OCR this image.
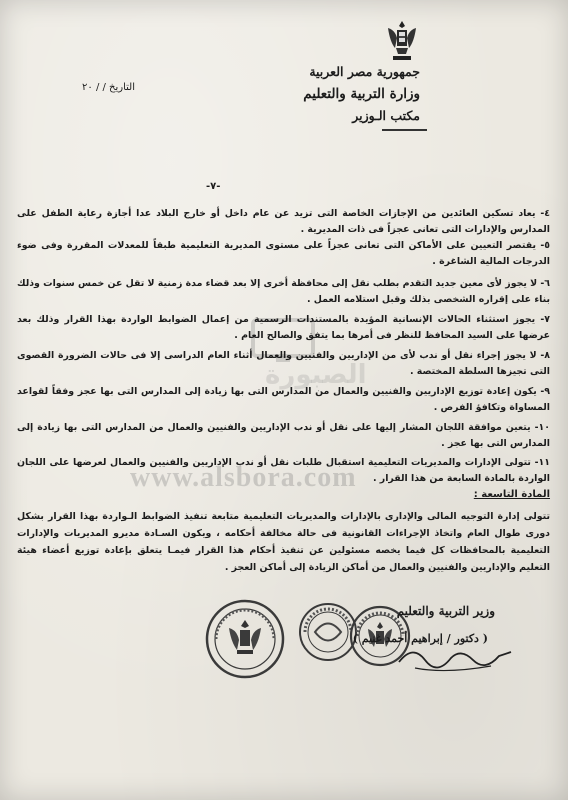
جمهورية مصر العربية
وزارة التربية والتعليم
مكتب الـوزير
التاريخ / / ٢٠
-٧-
الصبورة
٤- يعاد تسكين العائدين من الإجازات الخاصة التى تزيد عن عام داخل أو خارج البلاد عدا أجازة رعاية الطفل على المدارس والإدارات التى تعانى عجزاً فى ذات المديرية .
٥- يقتصر التعيين على الأماكن التى تعانى عجزاً على مستوى المديرية التعليمية طبقاً للمعدلات المقررة وفى ضوء الدرجات المالية الشاغرة .
٦- لا يجوز لأى معين جديد التقدم بطلب نقل إلى محافظة أخرى إلا بعد قضاء مدة زمنية لا تقل عن خمس سنوات وذلك بناء على إقراره الشخصى بذلك وقبل استلامه العمل .
٧- يجوز استثناء الحالات الإنسانية المؤيدة بالمستندات الرسمية من إعمال الضوابط الواردة بهذا القرار وذلك بعد عرضها على السيد المحافظ للنظر فى أمرها بما يتفق والصالح العام .
٨- لا يجوز إجراء نقل أو ندب لأى من الإداريين والفنيين والعمال أثناء العام الدراسى إلا فى حالات الضرورة القصوى التى تجيزها السلطة المختصة .
٩- يكون إعادة توزيع الإداريين والفنيين والعمال من المدارس التى بها زيادة إلى المدارس التى بها عجز وفقاً لقواعد المساواة وتكافؤ الفرص .
١٠- يتعين موافقة اللجان المشار إليها على نقل أو ندب الإداريين والفنيين والعمال من المدارس التى بها زيادة إلى المدارس التى بها عجز .
١١- تتولى الإدارات والمديريات التعليمية استقبال طلبات نقل أو ندب الإداريين والفنيين والعمال لعرضها على اللجان الواردة بالمادة السابعة من هذا القرار .
www.alsbora.com
المادة التاسعة :
تتولى إدارة التوجيه المالى والإدارى بالإدارات والمديريات التعليمية متابعة تنفيذ الضوابط الـواردة بهذا القرار بشكل دورى طوال العام واتخاذ الإجراءات القانونية فى حالة مخالفة أحكامه ، ويكون السـادة مديرو المديريات والإدارات التعليمية بالمحافظات كل فيما يخصه مسئولين عن تنفيذ أحكام هذا القرار فيمـا يتعلق بإعادة توزيع أعضاء هيئة التعليم والإداريين والفنيين والعمال من أماكن الزيادة إلى أماكن العجز .
وزير التربية والتعليم
( دكتور / إبراهيم أحمد غنيم )
